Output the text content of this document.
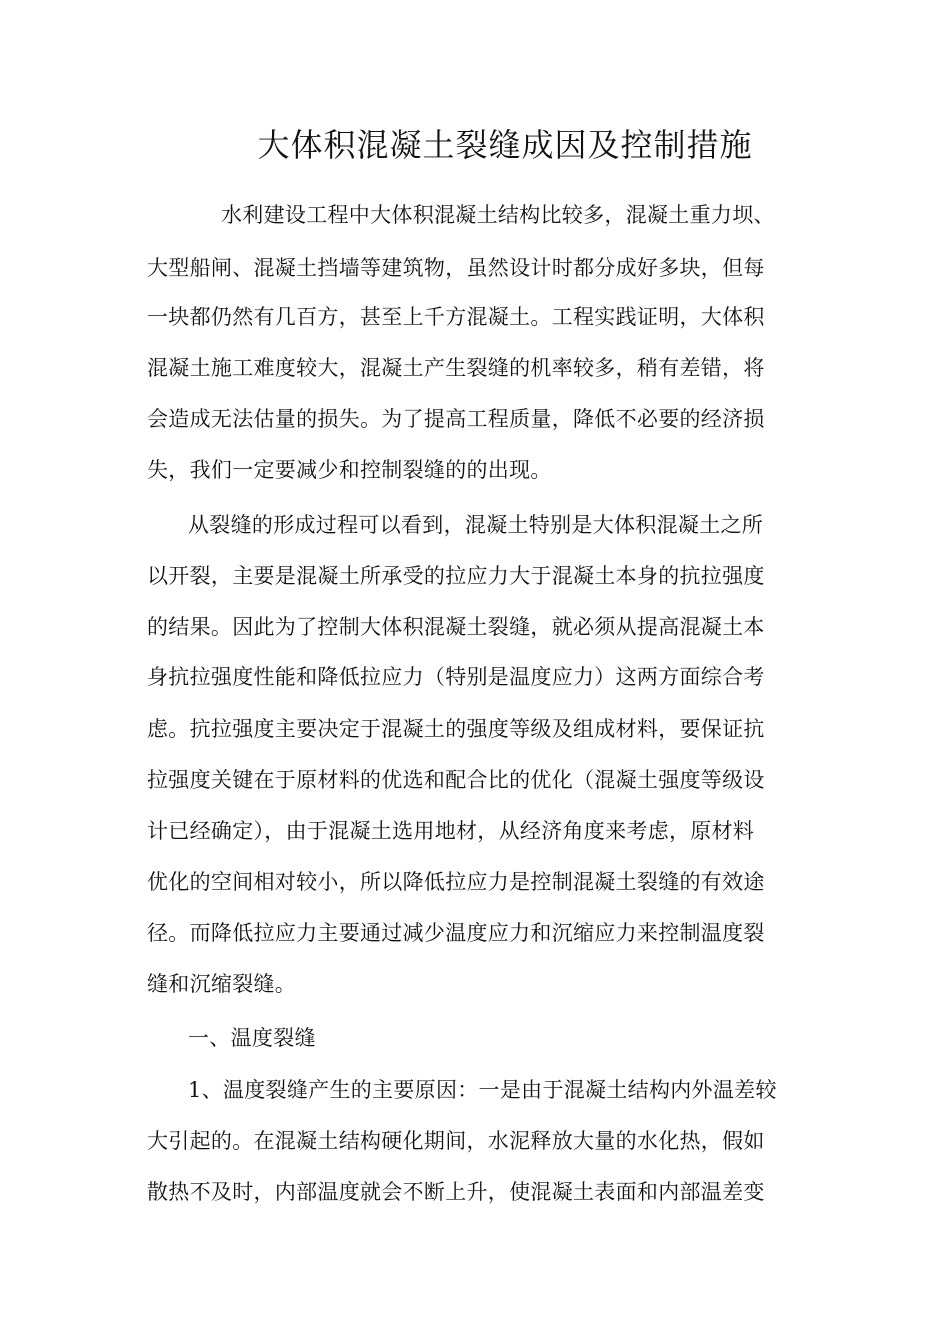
大体积混凝土裂缝成因及控制措施
水利建设工程中大体积混凝土结构比较多，混凝土重力坝、
大型船闸、混凝土挡墙等建筑物，虽然设计时都分成好多块，但每
一块都仍然有几百方，甚至上千方混凝土。工程实践证明，大体积
混凝土施工难度较大，混凝土产生裂缝的机率较多，稍有差错，将
会造成无法估量的损失。为了提高工程质量，降低不必要的经济损
失，我们一定要减少和控制裂缝的的出现。
从裂缝的形成过程可以看到，混凝土特别是大体积混凝土之所
以开裂，主要是混凝土所承受的拉应力大于混凝土本身的抗拉强度
的结果。因此为了控制大体积混凝土裂缝，就必须从提高混凝土本
身抗拉强度性能和降低拉应力（特别是温度应力）这两方面综合考
虑。抗拉强度主要决定于混凝土的强度等级及组成材料，要保证抗
拉强度关键在于原材料的优选和配合比的优化（混凝土强度等级设
计已经确定），由于混凝土选用地材，从经济角度来考虑，原材料
优化的空间相对较小，所以降低拉应力是控制混凝土裂缝的有效途
径。而降低拉应力主要通过减少温度应力和沉缩应力来控制温度裂
缝和沉缩裂缝。
一、温度裂缝
1、温度裂缝产生的主要原因：一是由于混凝土结构内外温差较
大引起的。在混凝土结构硬化期间，水泥释放大量的水化热，假如
散热不及时，内部温度就会不断上升，使混凝土表面和内部温差变
